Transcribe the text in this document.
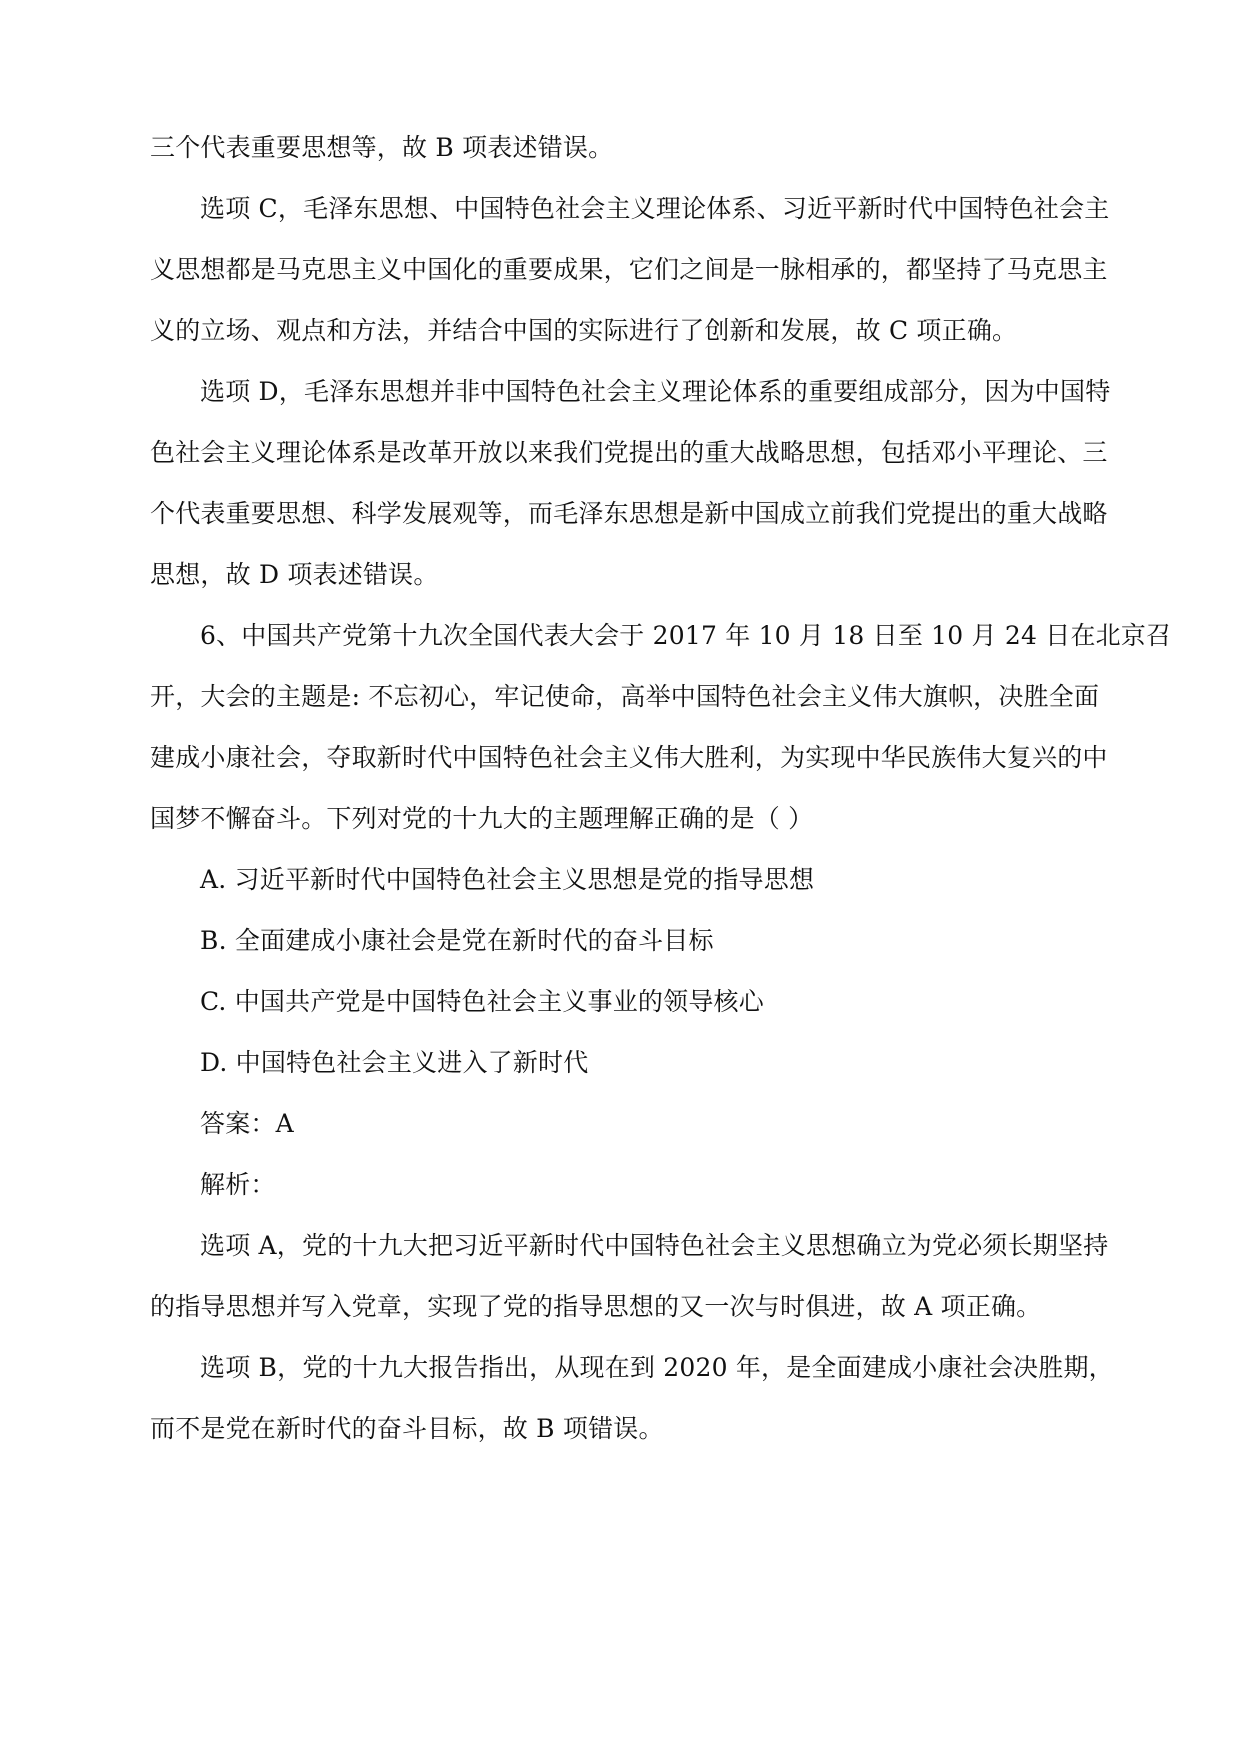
三个代表重要思想等，故 B 项表述错误。
选项 C，毛泽东思想、中国特色社会主义理论体系、习近平新时代中国特色社会主
义思想都是马克思主义中国化的重要成果，它们之间是一脉相承的，都坚持了马克思主
义的立场、观点和方法，并结合中国的实际进行了创新和发展，故 C 项正确。
选项 D，毛泽东思想并非中国特色社会主义理论体系的重要组成部分，因为中国特
色社会主义理论体系是改革开放以来我们党提出的重大战略思想，包括邓小平理论、三
个代表重要思想、科学发展观等，而毛泽东思想是新中国成立前我们党提出的重大战略
思想，故 D 项表述错误。
6、中国共产党第十九次全国代表大会于 2017 年 10 月 18 日至 10 月 24 日在北京召
开，大会的主题是: 不忘初心，牢记使命，高举中国特色社会主义伟大旗帜，决胜全面
建成小康社会，夺取新时代中国特色社会主义伟大胜利，为实现中华民族伟大复兴的中
国梦不懈奋斗。下列对党的十九大的主题理解正确的是（ ）
A. 习近平新时代中国特色社会主义思想是党的指导思想
B. 全面建成小康社会是党在新时代的奋斗目标
C. 中国共产党是中国特色社会主义事业的领导核心
D. 中国特色社会主义进入了新时代
答案：A
解析：
选项 A，党的十九大把习近平新时代中国特色社会主义思想确立为党必须长期坚持
的指导思想并写入党章，实现了党的指导思想的又一次与时俱进，故 A 项正确。
选项 B，党的十九大报告指出，从现在到 2020 年，是全面建成小康社会决胜期，
而不是党在新时代的奋斗目标，故 B 项错误。
